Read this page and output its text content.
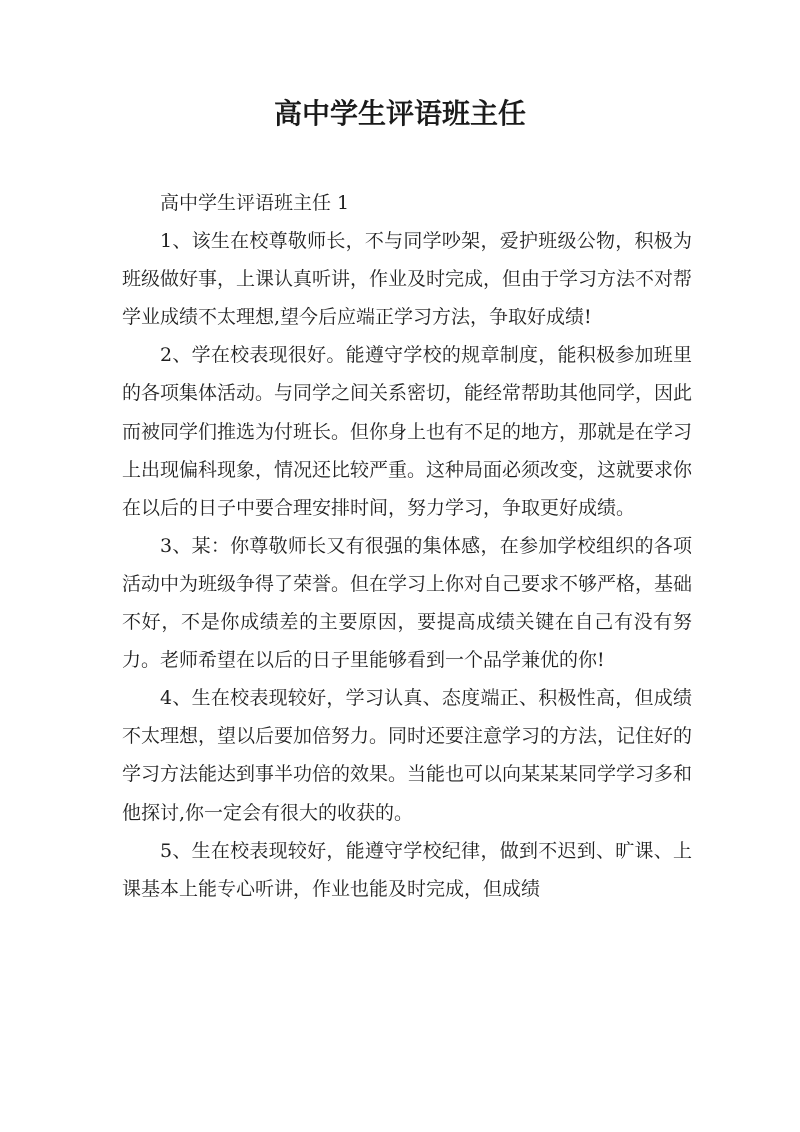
高中学生评语班主任

高中学生评语班主任 1

1、该生在校尊敬师长，不与同学吵架，爱护班级公物，积极为班级做好事，上课认真听讲，作业及时完成，但由于学习方法不对帮学业成绩不太理想,望今后应端正学习方法，争取好成绩!

2、学在校表现很好。能遵守学校的规章制度，能积极参加班里的各项集体活动。与同学之间关系密切，能经常帮助其他同学，因此而被同学们推选为付班长。但你身上也有不足的地方，那就是在学习上出现偏科现象，情况还比较严重。这种局面必须改变，这就要求你在以后的日子中要合理安排时间，努力学习，争取更好成绩。

3、某：你尊敬师长又有很强的集体感，在参加学校组织的各项活动中为班级争得了荣誉。但在学习上你对自己要求不够严格，基础不好，不是你成绩差的主要原因，要提高成绩关键在自己有没有努力。老师希望在以后的日子里能够看到一个品学兼优的你!

4、生在校表现较好，学习认真、态度端正、积极性高，但成绩不太理想，望以后要加倍努力。同时还要注意学习的方法，记住好的学习方法能达到事半功倍的效果。当能也可以向某某某同学学习多和他探讨,你一定会有很大的收获的。

5、生在校表现较好，能遵守学校纪律，做到不迟到、旷课、上课基本上能专心听讲，作业也能及时完成，但成绩
